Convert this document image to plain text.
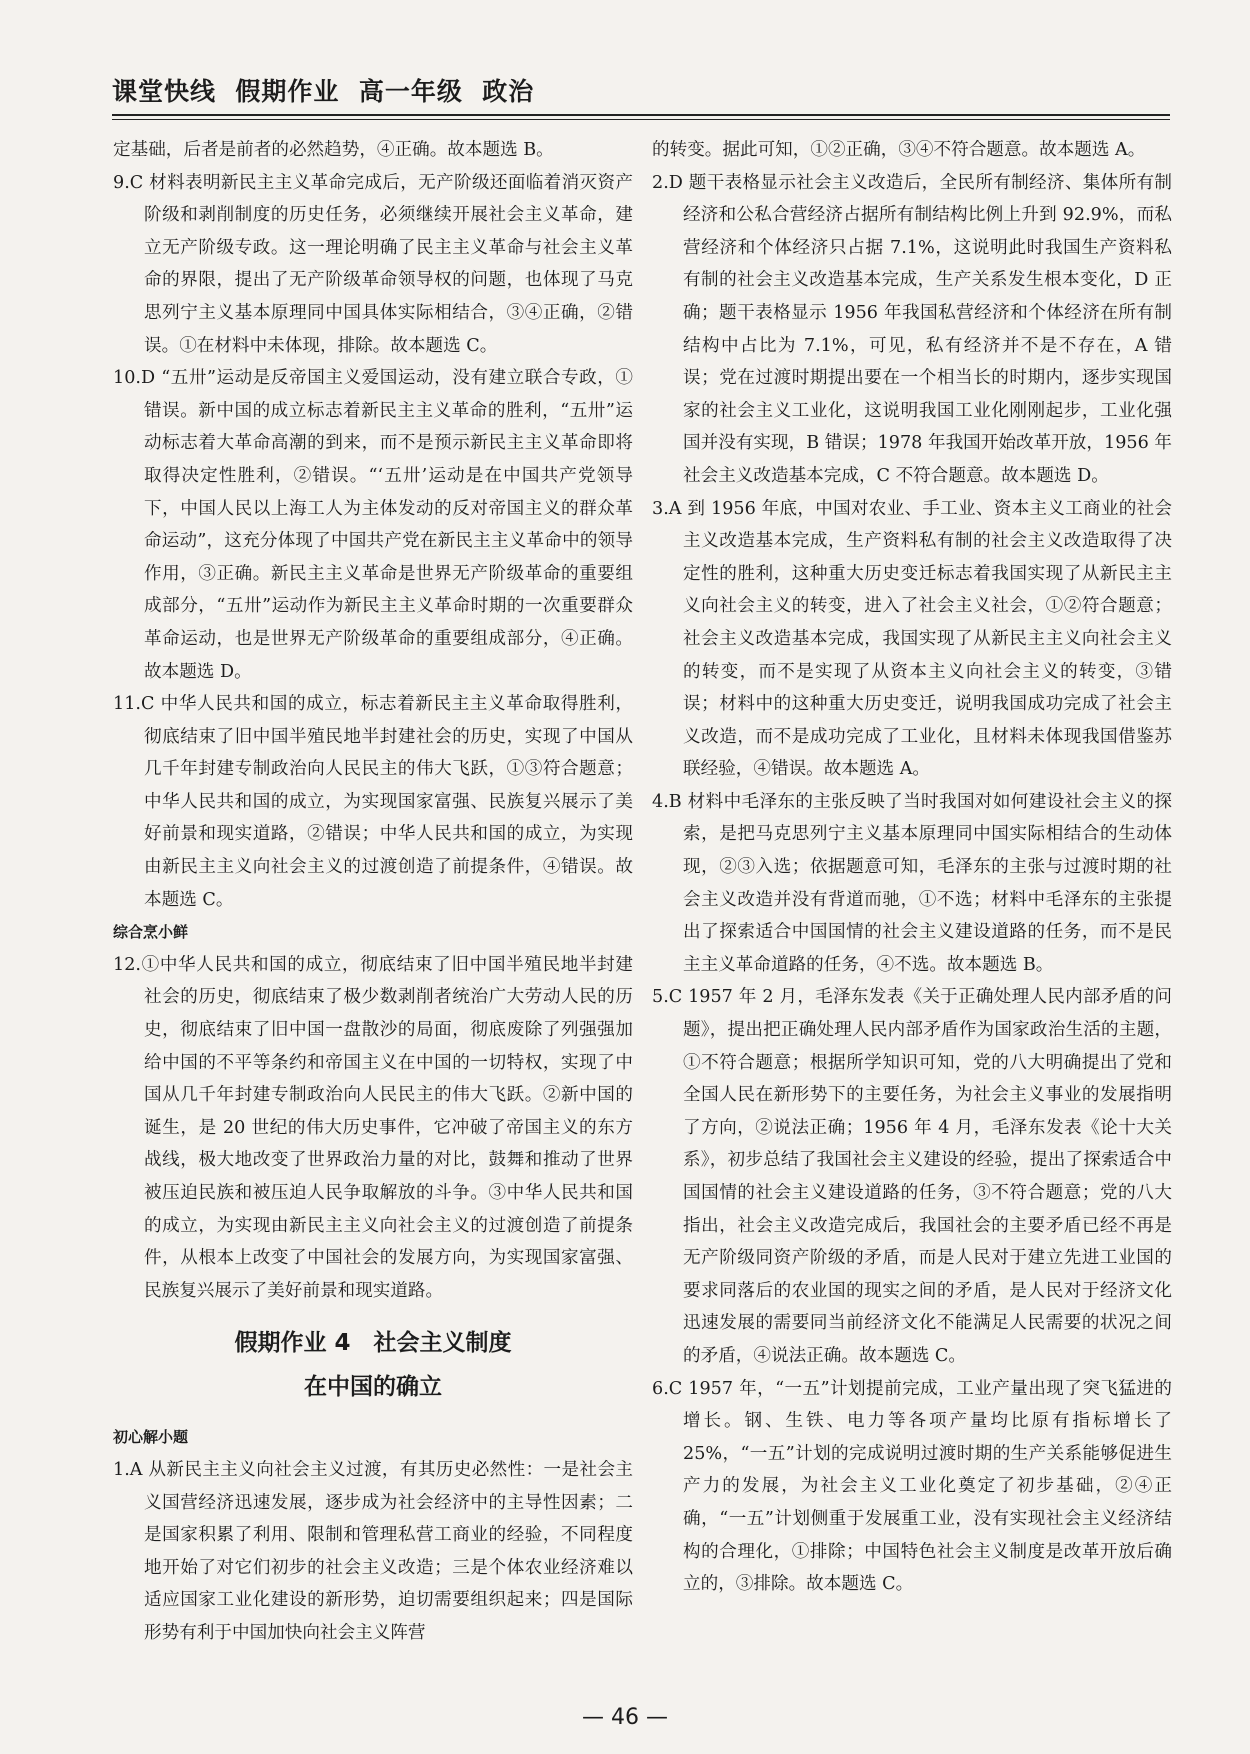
课堂快线  假期作业  高一年级  政治

定基础，后者是前者的必然趋势，④正确。故本题选 B。

9.C 材料表明新民主主义革命完成后，无产阶级还面临着消灭资产阶级和剥削制度的历史任务，必须继续开展社会主义革命，建立无产阶级专政。这一理论明确了民主主义革命与社会主义革命的界限，提出了无产阶级革命领导权的问题，也体现了马克思列宁主义基本原理同中国具体实际相结合，③④正确，②错误。①在材料中未体现，排除。故本题选 C。

10.D “五卅”运动是反帝国主义爱国运动，没有建立联合专政，①错误。新中国的成立标志着新民主主义革命的胜利，“五卅”运动标志着大革命高潮的到来，而不是预示新民主主义革命即将取得决定性胜利，②错误。“‘五卅’运动是在中国共产党领导下，中国人民以上海工人为主体发动的反对帝国主义的群众革命运动”，这充分体现了中国共产党在新民主主义革命中的领导作用，③正确。新民主主义革命是世界无产阶级革命的重要组成部分，“五卅”运动作为新民主主义革命时期的一次重要群众革命运动，也是世界无产阶级革命的重要组成部分，④正确。故本题选 D。

11.C 中华人民共和国的成立，标志着新民主主义革命取得胜利，彻底结束了旧中国半殖民地半封建社会的历史，实现了中国从几千年封建专制政治向人民民主的伟大飞跃，①③符合题意；中华人民共和国的成立，为实现国家富强、民族复兴展示了美好前景和现实道路，②错误；中华人民共和国的成立，为实现由新民主主义向社会主义的过渡创造了前提条件，④错误。故本题选 C。

综合烹小鲜

12.①中华人民共和国的成立，彻底结束了旧中国半殖民地半封建社会的历史，彻底结束了极少数剥削者统治广大劳动人民的历史，彻底结束了旧中国一盘散沙的局面，彻底废除了列强强加给中国的不平等条约和帝国主义在中国的一切特权，实现了中国从几千年封建专制政治向人民民主的伟大飞跃。②新中国的诞生，是 20 世纪的伟大历史事件，它冲破了帝国主义的东方战线，极大地改变了世界政治力量的对比，鼓舞和推动了世界被压迫民族和被压迫人民争取解放的斗争。③中华人民共和国的成立，为实现由新民主主义向社会主义的过渡创造了前提条件，从根本上改变了中国社会的发展方向，为实现国家富强、民族复兴展示了美好前景和现实道路。

假期作业 4　社会主义制度
在中国的确立

初心解小题

1.A 从新民主主义向社会主义过渡，有其历史必然性：一是社会主义国营经济迅速发展，逐步成为社会经济中的主导性因素；二是国家积累了利用、限制和管理私营工商业的经验，不同程度地开始了对它们初步的社会主义改造；三是个体农业经济难以适应国家工业化建设的新形势，迫切需要组织起来；四是国际形势有利于中国加快向社会主义阵营

的转变。据此可知，①②正确，③④不符合题意。故本题选 A。

2.D 题干表格显示社会主义改造后，全民所有制经济、集体所有制经济和公私合营经济占据所有制结构比例上升到 92.9%，而私营经济和个体经济只占据 7.1%，这说明此时我国生产资料私有制的社会主义改造基本完成，生产关系发生根本变化，D 正确；题干表格显示 1956 年我国私营经济和个体经济在所有制结构中占比为 7.1%，可见，私有经济并不是不存在，A 错误；党在过渡时期提出要在一个相当长的时期内，逐步实现国家的社会主义工业化，这说明我国工业化刚刚起步，工业化强国并没有实现，B 错误；1978 年我国开始改革开放，1956 年社会主义改造基本完成，C 不符合题意。故本题选 D。

3.A 到 1956 年底，中国对农业、手工业、资本主义工商业的社会主义改造基本完成，生产资料私有制的社会主义改造取得了决定性的胜利，这种重大历史变迁标志着我国实现了从新民主主义向社会主义的转变，进入了社会主义社会，①②符合题意；社会主义改造基本完成，我国实现了从新民主主义向社会主义的转变，而不是实现了从资本主义向社会主义的转变，③错误；材料中的这种重大历史变迁，说明我国成功完成了社会主义改造，而不是成功完成了工业化，且材料未体现我国借鉴苏联经验，④错误。故本题选 A。

4.B 材料中毛泽东的主张反映了当时我国对如何建设社会主义的探索，是把马克思列宁主义基本原理同中国实际相结合的生动体现，②③入选；依据题意可知，毛泽东的主张与过渡时期的社会主义改造并没有背道而驰，①不选；材料中毛泽东的主张提出了探索适合中国国情的社会主义建设道路的任务，而不是民主主义革命道路的任务，④不选。故本题选 B。

5.C 1957 年 2 月，毛泽东发表《关于正确处理人民内部矛盾的问题》，提出把正确处理人民内部矛盾作为国家政治生活的主题，①不符合题意；根据所学知识可知，党的八大明确提出了党和全国人民在新形势下的主要任务，为社会主义事业的发展指明了方向，②说法正确；1956 年 4 月，毛泽东发表《论十大关系》，初步总结了我国社会主义建设的经验，提出了探索适合中国国情的社会主义建设道路的任务，③不符合题意；党的八大指出，社会主义改造完成后，我国社会的主要矛盾已经不再是无产阶级同资产阶级的矛盾，而是人民对于建立先进工业国的要求同落后的农业国的现实之间的矛盾，是人民对于经济文化迅速发展的需要同当前经济文化不能满足人民需要的状况之间的矛盾，④说法正确。故本题选 C。

6.C 1957 年，“一五”计划提前完成，工业产量出现了突飞猛进的增长。钢、生铁、电力等各项产量均比原有指标增长了 25%，“一五”计划的完成说明过渡时期的生产关系能够促进生产力的发展，为社会主义工业化奠定了初步基础，②④正确，“一五”计划侧重于发展重工业，没有实现社会主义经济结构的合理化，①排除；中国特色社会主义制度是改革开放后确立的，③排除。故本题选 C。

— 46 —
